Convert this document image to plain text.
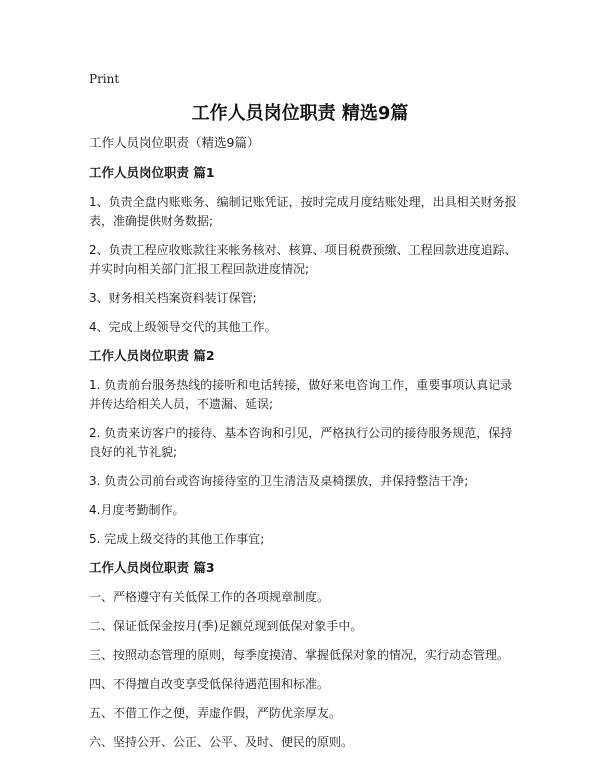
Print
工作人员岗位职责 精选9篇
工作人员岗位职责（精选9篇）
工作人员岗位职责 篇1

1、负责全盘内账账务、编制记账凭证，按时完成月度结账处理，出具相关财务报表，准确提供财务数据;

2、负责工程应收账款往来帐务核对、核算、项目税费预缴、工程回款进度追踪、并实时向相关部门汇报工程回款进度情况;

3、财务相关档案资料装订保管;

4、完成上级领导交代的其他工作。

工作人员岗位职责 篇2

1. 负责前台服务热线的接听和电话转接，做好来电咨询工作，重要事项认真记录并传达给相关人员，不遗漏、延误;

2. 负责来访客户的接待、基本咨询和引见，严格执行公司的接待服务规范，保持良好的礼节礼貌;

3. 负责公司前台或咨询接待室的卫生清洁及桌椅摆放，并保持整洁干净;

4.月度考勤制作。

5. 完成上级交待的其他工作事宜;

工作人员岗位职责 篇3

一、严格遵守有关低保工作的各项规章制度。

二、保证低保金按月(季)足额兑现到低保对象手中。

三、按照动态管理的原则，每季度摸清、掌握低保对象的情况，实行动态管理。

四、不得擅自改变享受低保待遇范围和标准。

五、不借工作之便，弄虚作假，严防优亲厚友。

六、坚持公开、公正、公平、及时、便民的原则。
